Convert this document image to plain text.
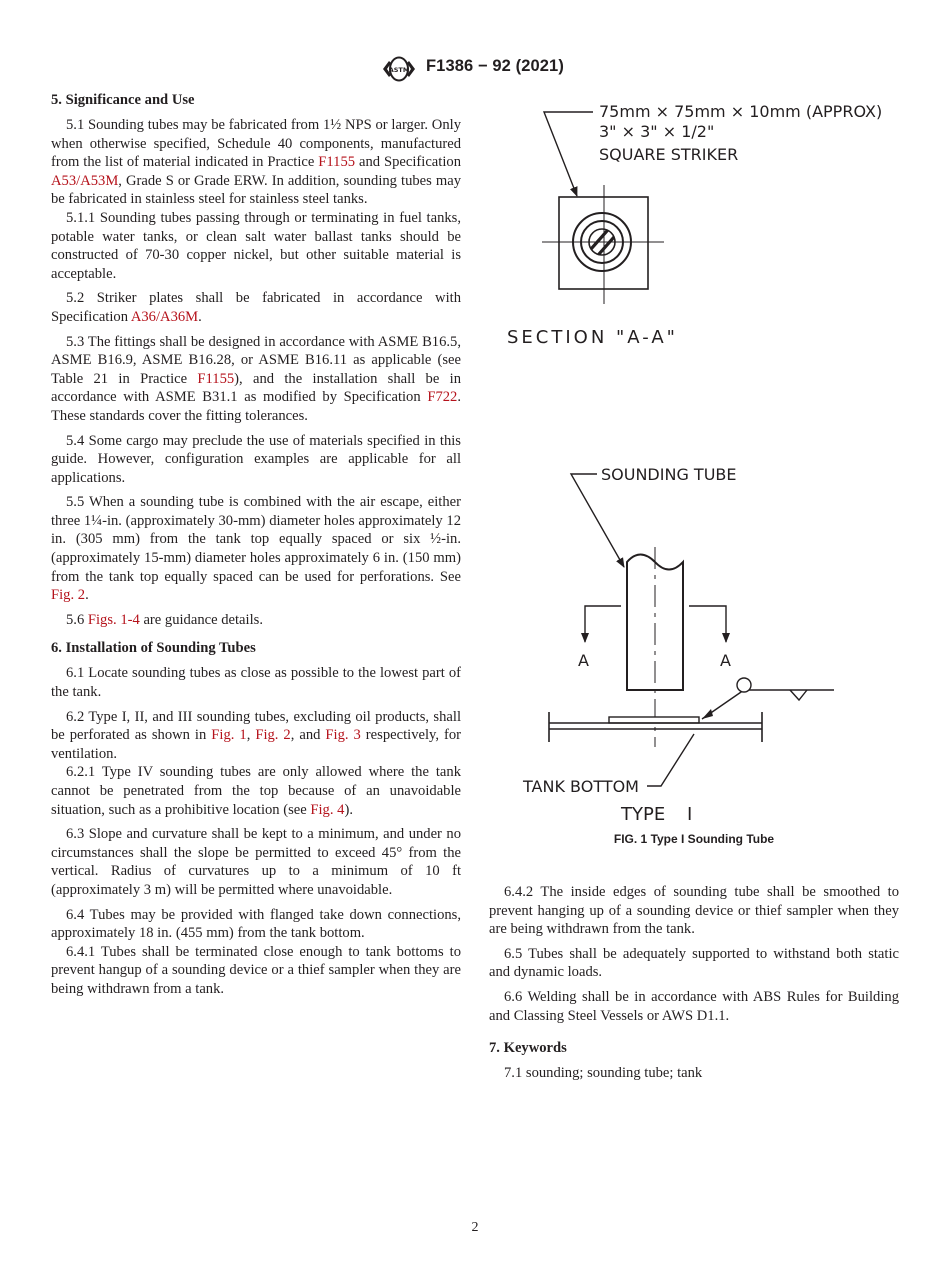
ASTM F1386 − 92 (2021)
5. Significance and Use

5.1 Sounding tubes may be fabricated from 1½ NPS or larger. Only when otherwise specified, Schedule 40 components, manufactured from the list of material indicated in Practice F1155 and Specification A53/A53M, Grade S or Grade ERW. In addition, sounding tubes may be fabricated in stainless steel for stainless steel tanks.

5.1.1 Sounding tubes passing through or terminating in fuel tanks, potable water tanks, or clean salt water ballast tanks should be constructed of 70-30 copper nickel, but other suitable material is acceptable.

5.2 Striker plates shall be fabricated in accordance with Specification A36/A36M.

5.3 The fittings shall be designed in accordance with ASME B16.5, ASME B16.9, ASME B16.28, or ASME B16.11 as applicable (see Table 21 in Practice F1155), and the installation shall be in accordance with ASME B31.1 as modified by Specification F722. These standards cover the fitting tolerances.

5.4 Some cargo may preclude the use of materials specified in this guide. However, configuration examples are applicable for all applications.

5.5 When a sounding tube is combined with the air escape, either three 1¼-in. (approximately 30-mm) diameter holes approximately 12 in. (305 mm) from the tank top equally spaced or six ½-in. (approximately 15-mm) diameter holes approximately 6 in. (150 mm) from the tank top equally spaced can be used for perforations. See Fig. 2.

5.6 Figs. 1-4 are guidance details.

6. Installation of Sounding Tubes

6.1 Locate sounding tubes as close as possible to the lowest part of the tank.

6.2 Type I, II, and III sounding tubes, excluding oil products, shall be perforated as shown in Fig. 1, Fig. 2, and Fig. 3 respectively, for ventilation.

6.2.1 Type IV sounding tubes are only allowed where the tank cannot be penetrated from the top because of an unavoidable situation, such as a prohibitive location (see Fig. 4).

6.3 Slope and curvature shall be kept to a minimum, and under no circumstances shall the slope be permitted to exceed 45° from the vertical. Radius of curvatures up to a minimum of 10 ft (approximately 3 m) will be permitted where unavoidable.

6.4 Tubes may be provided with flanged take down connections, approximately 18 in. (455 mm) from the tank bottom.

6.4.1 Tubes shall be terminated close enough to tank bottoms to prevent hangup of a sounding device or a thief sampler when they are being withdrawn from a tank.

75mm × 75mm × 10mm (APPROX)
3" × 3" × 1/2"
SQUARE STRIKER
SECTION "A-A"
SOUNDING TUBE
A	A
TANK BOTTOM
TYPE I
FIG. 1 Type I Sounding Tube

6.4.2 The inside edges of sounding tube shall be smoothed to prevent hanging up of a sounding device or thief sampler when they are being withdrawn from the tank.

6.5 Tubes shall be adequately supported to withstand both static and dynamic loads.

6.6 Welding shall be in accordance with ABS Rules for Building and Classing Steel Vessels or AWS D1.1.

7. Keywords

7.1 sounding; sounding tube; tank

2
